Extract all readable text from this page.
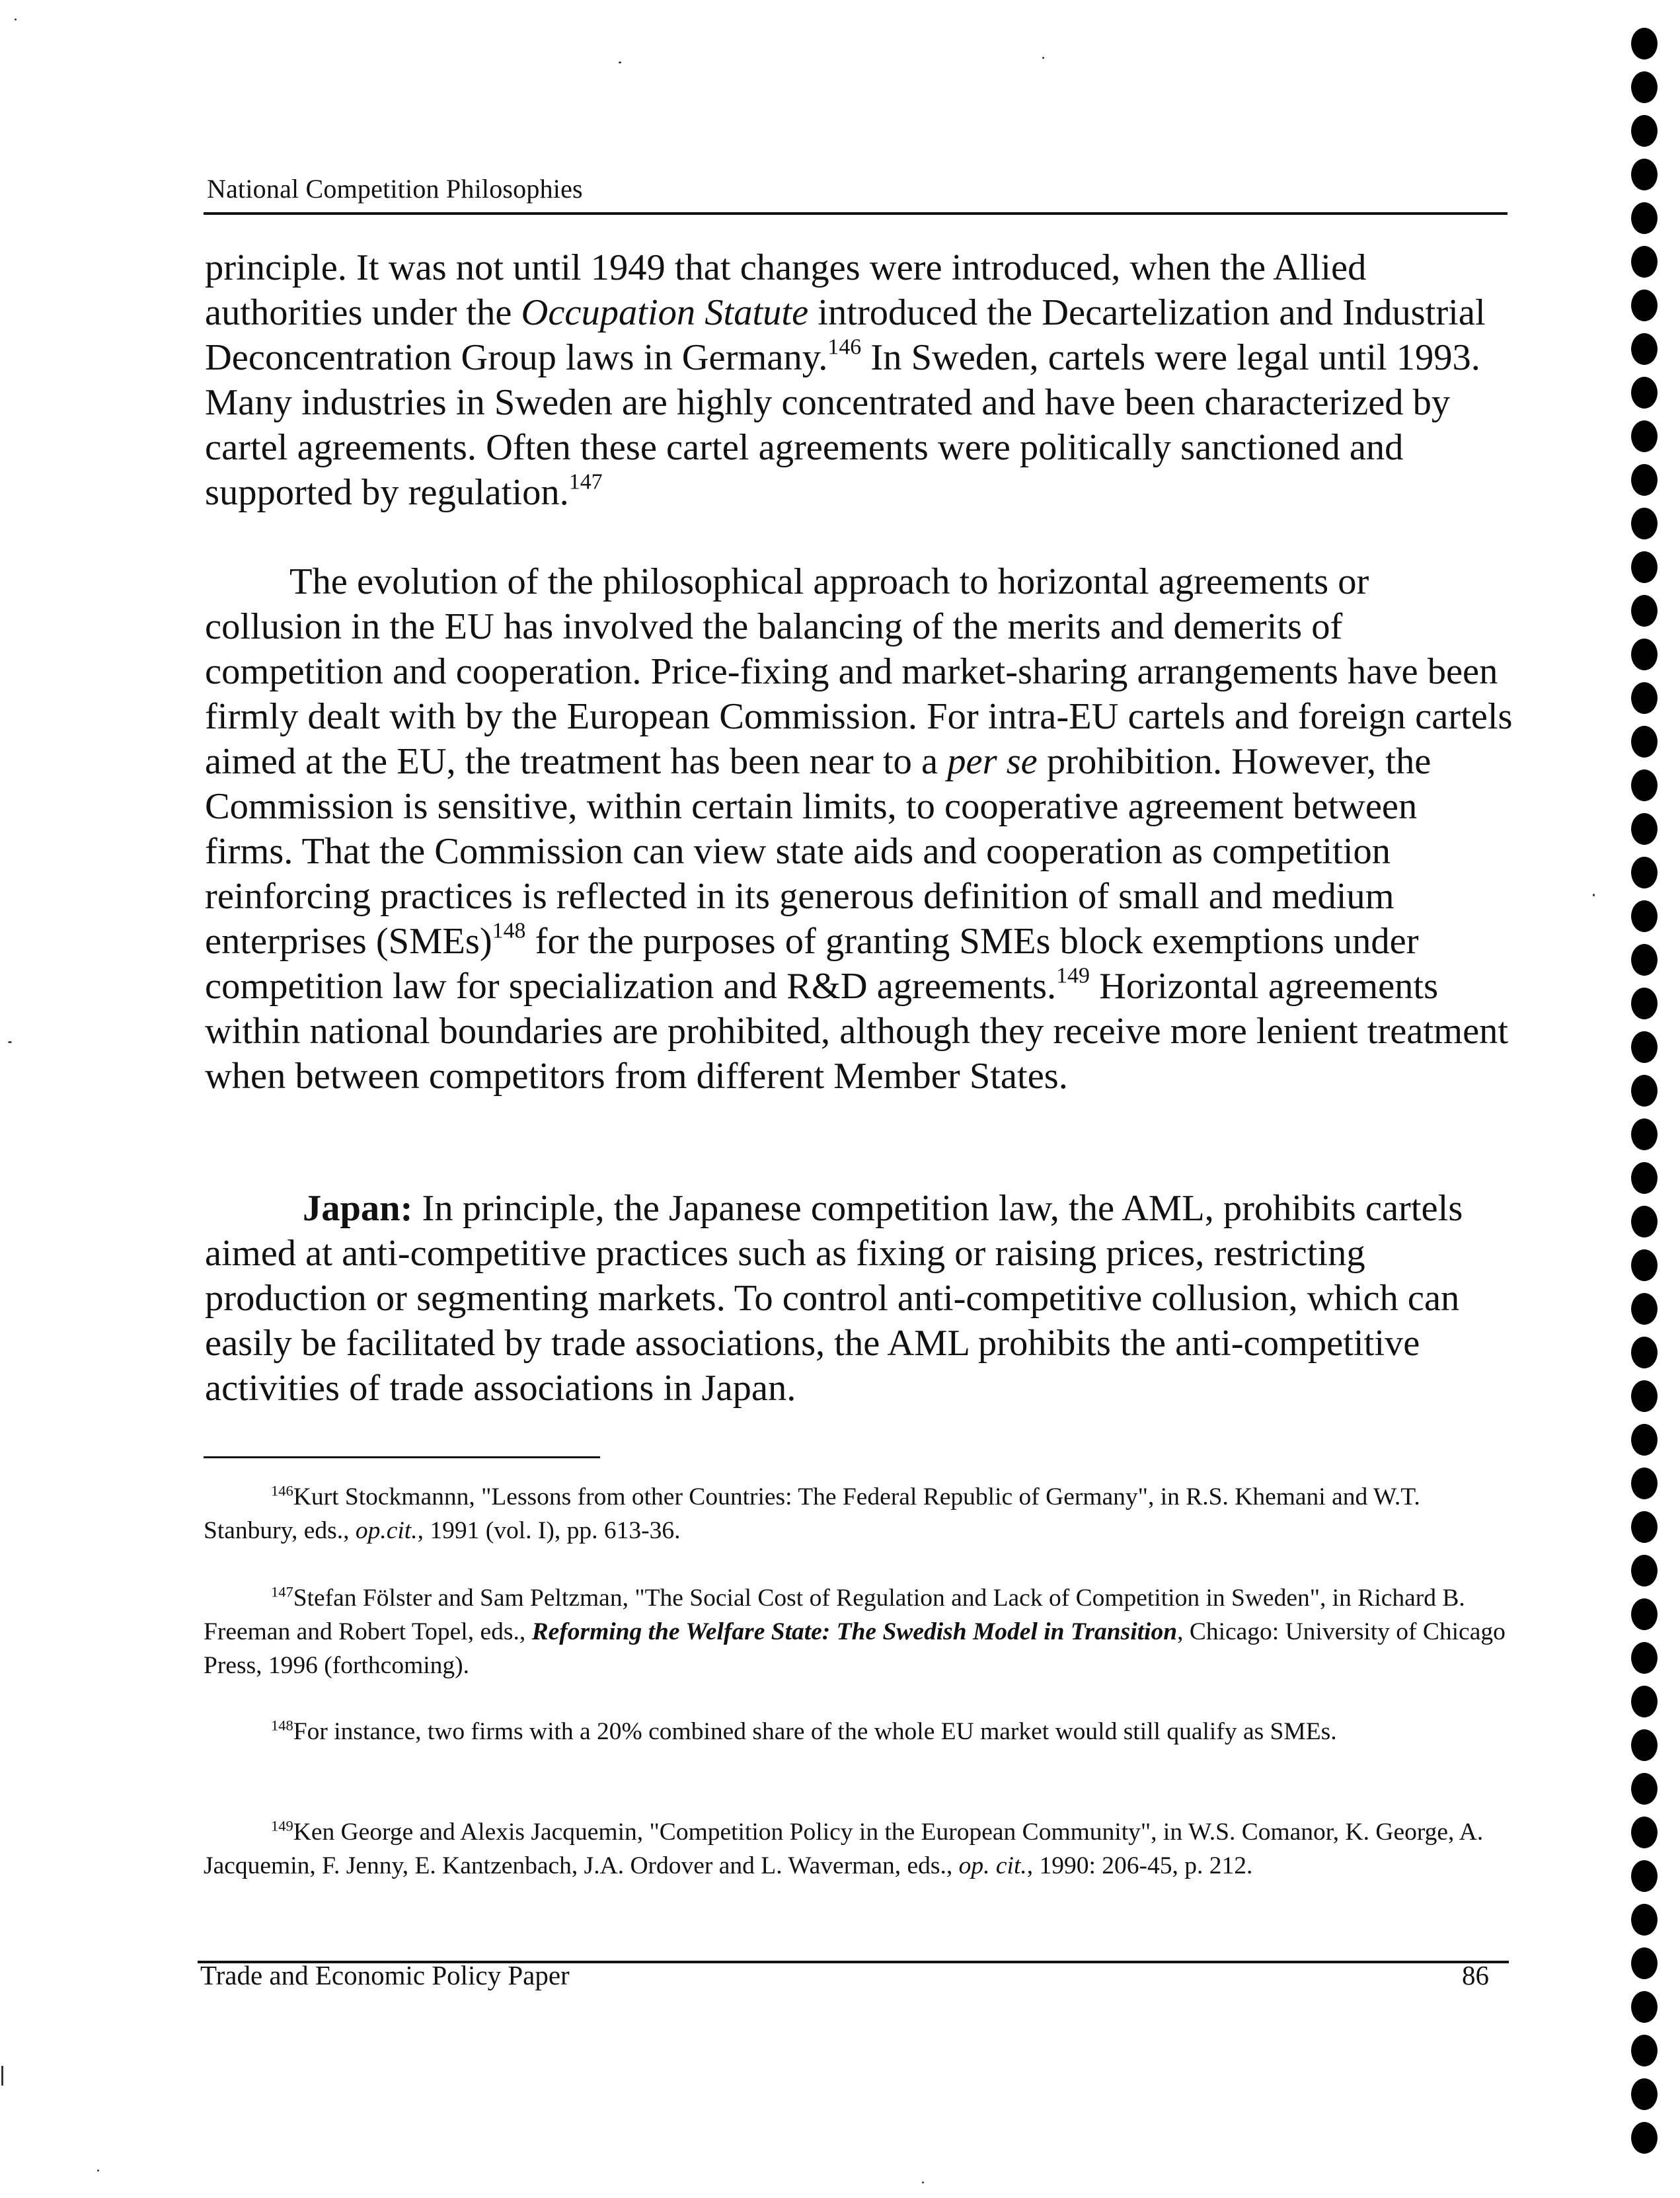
National Competition Philosophies

principle. It was not until 1949 that changes were introduced, when the Allied authorities under the Occupation Statute introduced the Decartelization and Industrial Deconcentration Group laws in Germany.$^{146}$ In Sweden, cartels were legal until 1993. Many industries in Sweden are highly concentrated and have been characterized by cartel agreements. Often these cartel agreements were politically sanctioned and supported by regulation.$^{147}$

The evolution of the philosophical approach to horizontal agreements or collusion in the EU has involved the balancing of the merits and demerits of competition and cooperation. Price-fixing and market-sharing arrangements have been firmly dealt with by the European Commission. For intra-EU cartels and foreign cartels aimed at the EU, the treatment has been near to a per se prohibition. However, the Commission is sensitive, within certain limits, to cooperative agreement between firms. That the Commission can view state aids and cooperation as competition reinforcing practices is reflected in its generous definition of small and medium enterprises (SMEs)$^{148}$ for the purposes of granting SMEs block exemptions under competition law for specialization and R&D agreements.$^{149}$ Horizontal agreements within national boundaries are prohibited, although they receive more lenient treatment when between competitors from different Member States.

Japan: In principle, the Japanese competition law, the AML, prohibits cartels aimed at anti-competitive practices such as fixing or raising prices, restricting production or segmenting markets. To control anti-competitive collusion, which can easily be facilitated by trade associations, the AML prohibits the anti-competitive activities of trade associations in Japan.

$^{146}$Kurt Stockmannn, "Lessons from other Countries: The Federal Republic of Germany", in R.S. Khemani and W.T. Stanbury, eds., op.cit., 1991 (vol. I), pp. 613-36.

$^{147}$Stefan Fölster and Sam Peltzman, "The Social Cost of Regulation and Lack of Competition in Sweden", in Richard B. Freeman and Robert Topel, eds., Reforming the Welfare State: The Swedish Model in Transition, Chicago: University of Chicago Press, 1996 (forthcoming).

$^{148}$For instance, two firms with a 20% combined share of the whole EU market would still qualify as SMEs.

$^{149}$Ken George and Alexis Jacquemin, "Competition Policy in the European Community", in W.S. Comanor, K. George, A. Jacquemin, F. Jenny, E. Kantzenbach, J.A. Ordover and L. Waverman, eds., op. cit., 1990: 206-45, p. 212.

Trade and Economic Policy Paper	86
